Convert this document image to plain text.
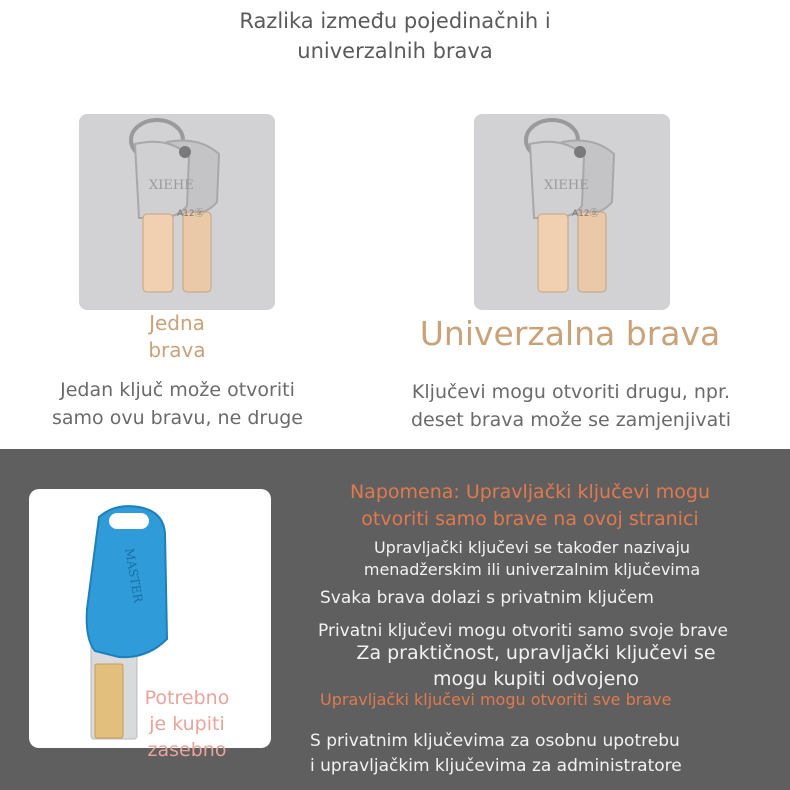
Razlika između pojedinačnih i
univerzalnih brava
XIEHE
A12㊎
XIEHE
A12㊎
Jedna
brava	Univerzalna brava
Jedan ključ može otvoriti
samo ovu bravu, ne druge
Ključevi mogu otvoriti drugu, npr.
deset brava može se zamjenjivati
MASTER
Potrebno
je kupiti
zasebno
Napomena: Upravljački ključevi mogu
otvoriti samo brave na ovoj stranici
Upravljački ključevi se također nazivaju
menadžerskim ili univerzalnim ključevima
Svaka brava dolazi s privatnim ključem
Privatni ključevi mogu otvoriti samo svoje brave
Za praktičnost, upravljački ključevi se
mogu kupiti odvojeno
Upravljački ključevi mogu otvoriti sve brave
S privatnim ključevima za osobnu upotrebu
i upravljačkim ključevima za administratore
